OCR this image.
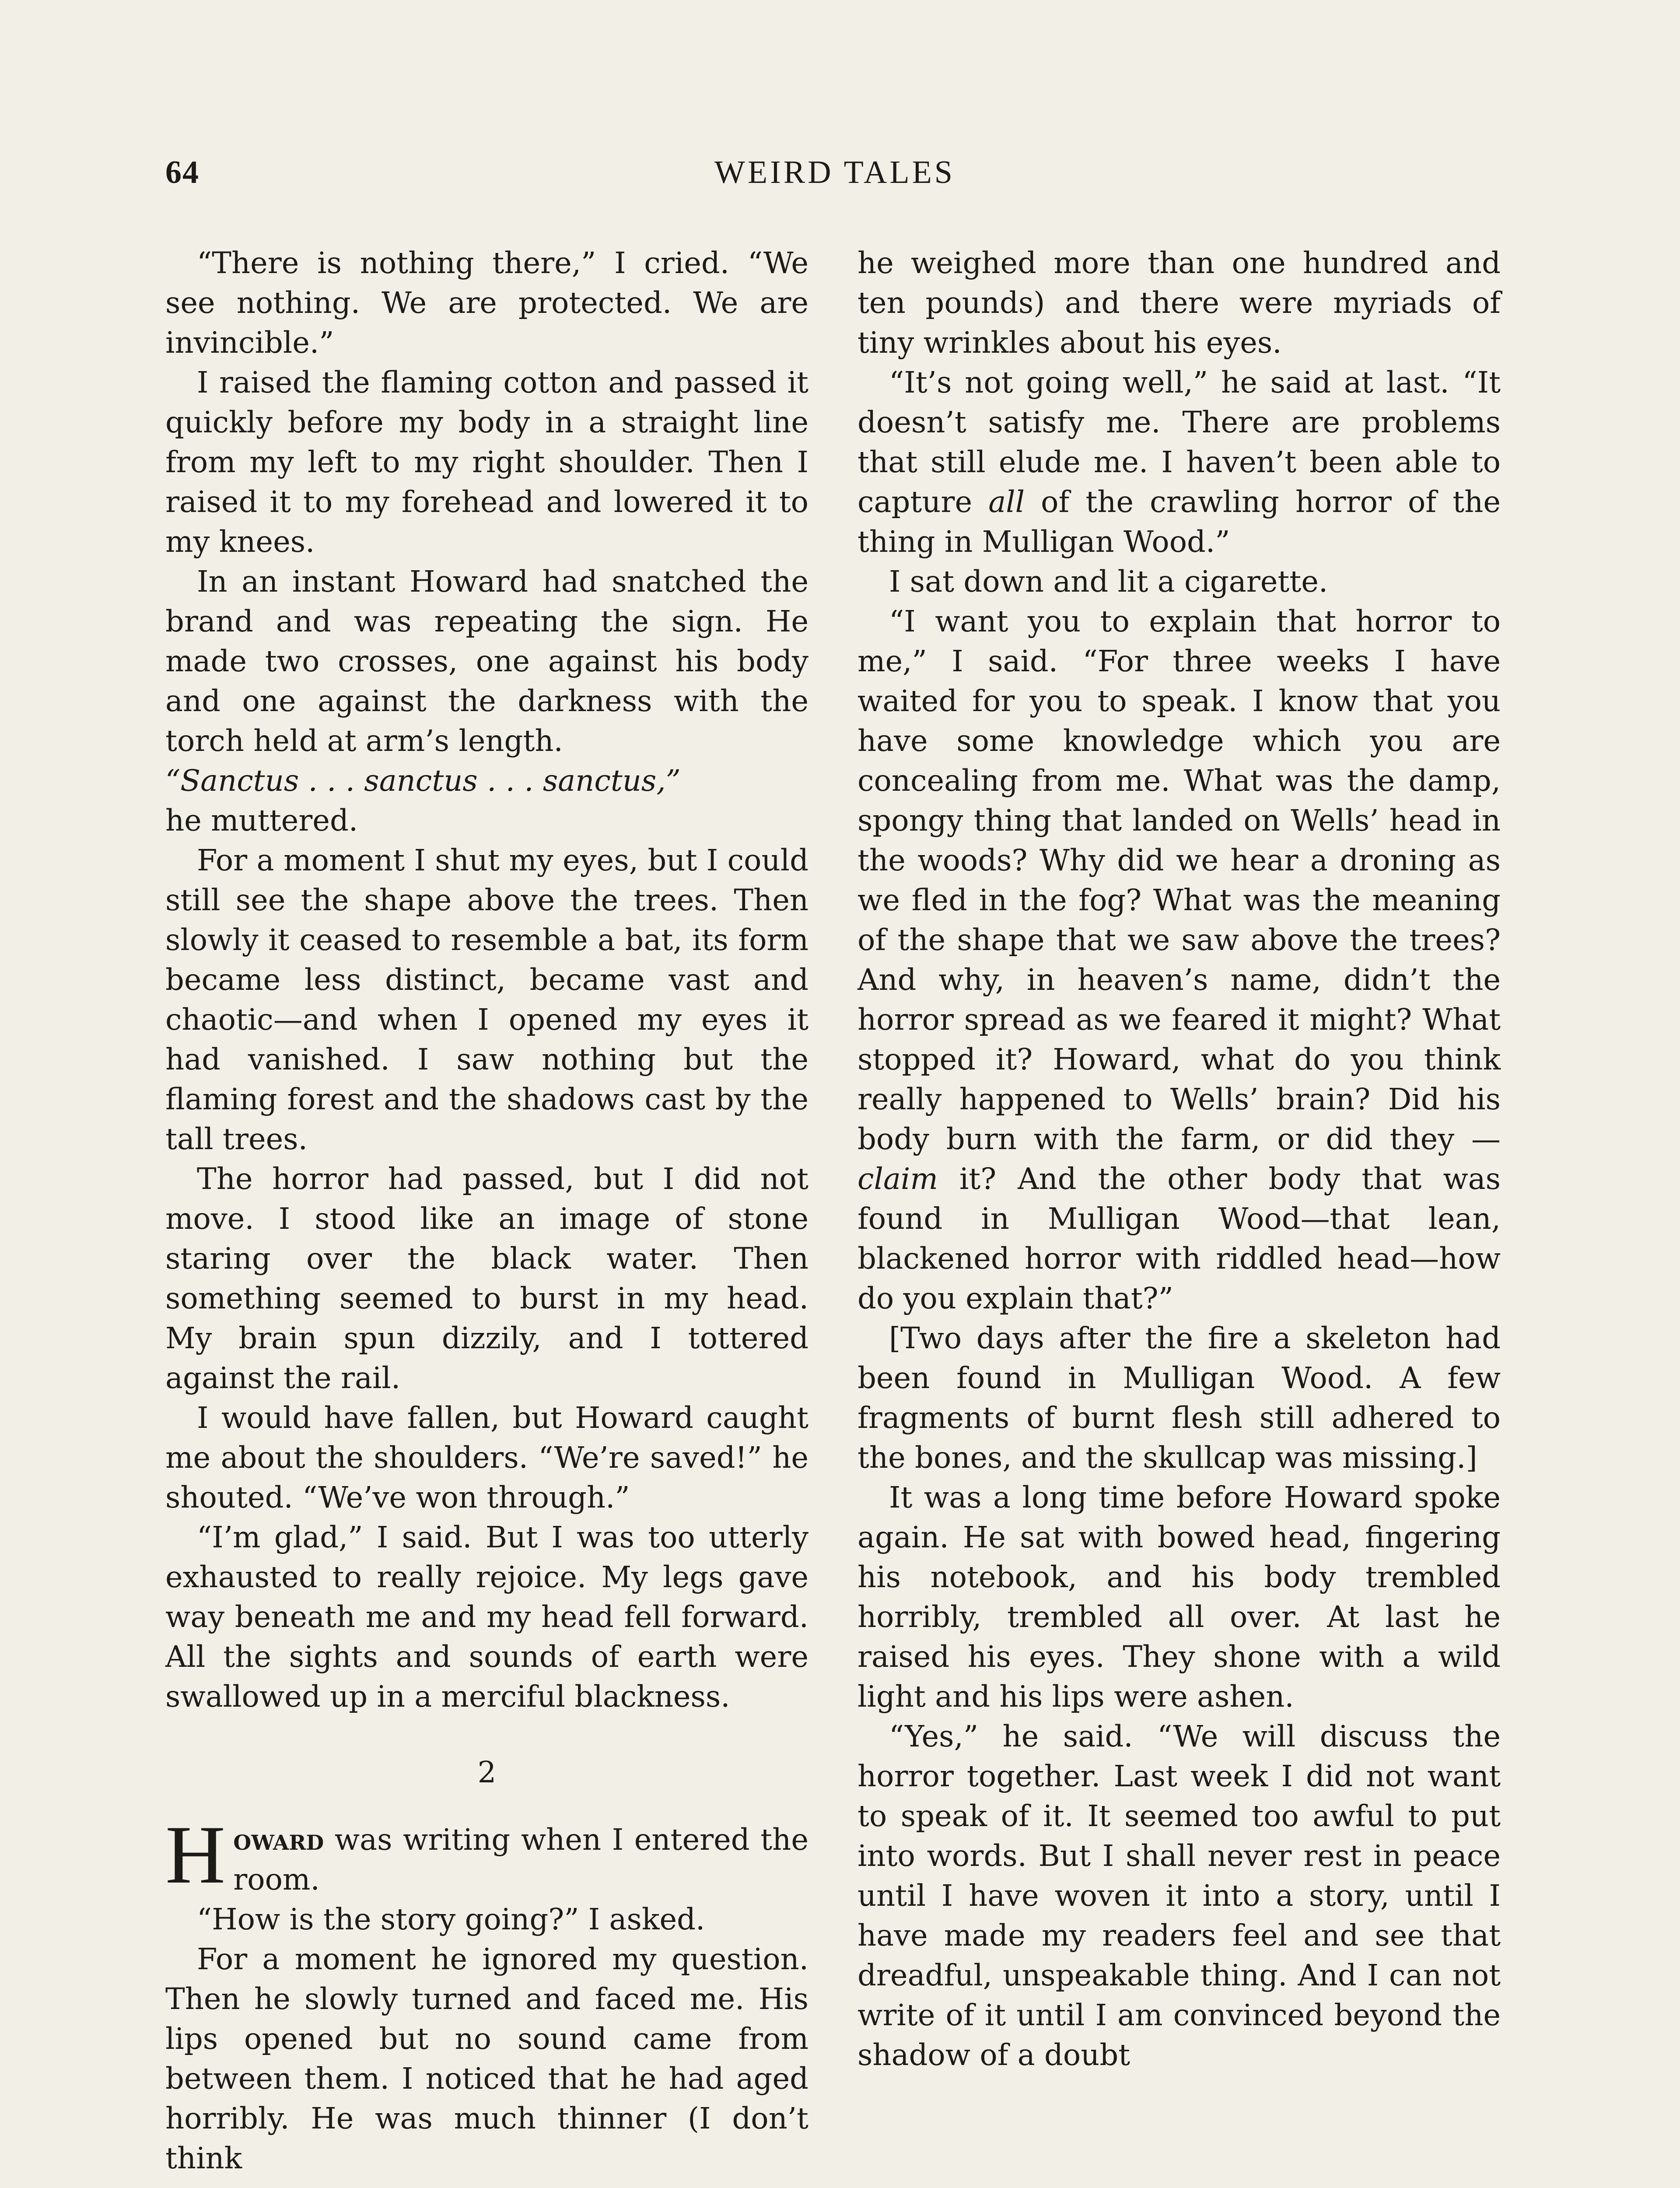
64	WEIRD TALES

“There is nothing there,” I cried. “We see nothing. We are protected. We are invincible.”

I raised the flaming cotton and passed it quickly before my body in a straight line from my left to my right shoulder. Then I raised it to my forehead and lowered it to my knees.

In an instant Howard had snatched the brand and was repeating the sign. He made two crosses, one against his body and one against the darkness with the torch held at arm’s length.

“Sanctus . . . sanctus . . . sanctus,”

he muttered.

For a moment I shut my eyes, but I could still see the shape above the trees. Then slowly it ceased to resemble a bat, its form became less distinct, became vast and chaotic—and when I opened my eyes it had vanished. I saw nothing but the flaming forest and the shadows cast by the tall trees.

The horror had passed, but I did not move. I stood like an image of stone staring over the black water. Then something seemed to burst in my head. My brain spun dizzily, and I tottered against the rail.

I would have fallen, but Howard caught me about the shoulders. “We’re saved!” he shouted. “We’ve won through.”

“I’m glad,” I said. But I was too utterly exhausted to really rejoice. My legs gave way beneath me and my head fell forward. All the sights and sounds of earth were swallowed up in a merciful blackness.

2

Howard was writing when I entered the room.

“How is the story going?” I asked.

For a moment he ignored my question. Then he slowly turned and faced me. His lips opened but no sound came from between them. I noticed that he had aged horribly. He was much thinner (I don’t think

he weighed more than one hundred and ten pounds) and there were myriads of tiny wrinkles about his eyes.

“It’s not going well,” he said at last. “It doesn’t satisfy me. There are problems that still elude me. I haven’t been able to capture all of the crawling horror of the thing in Mulligan Wood.”

I sat down and lit a cigarette.

“I want you to explain that horror to me,” I said. “For three weeks I have waited for you to speak. I know that you have some knowledge which you are concealing from me. What was the damp, spongy thing that landed on Wells’ head in the woods? Why did we hear a droning as we fled in the fog? What was the meaning of the shape that we saw above the trees? And why, in heaven’s name, didn’t the horror spread as we feared it might? What stopped it? Howard, what do you think really happened to Wells’ brain? Did his body burn with the farm, or did they —claim it? And the other body that was found in Mulligan Wood—that lean, blackened horror with riddled head—how do you explain that?”

[Two days after the fire a skeleton had been found in Mulligan Wood. A few fragments of burnt flesh still adhered to the bones, and the skullcap was missing.]

It was a long time before Howard spoke again. He sat with bowed head, fingering his notebook, and his body trembled horribly, trembled all over. At last he raised his eyes. They shone with a wild light and his lips were ashen.

“Yes,” he said. “We will discuss the horror together. Last week I did not want to speak of it. It seemed too awful to put into words. But I shall never rest in peace until I have woven it into a story, until I have made my readers feel and see that dreadful, unspeakable thing. And I can not write of it until I am convinced beyond the shadow of a doubt
